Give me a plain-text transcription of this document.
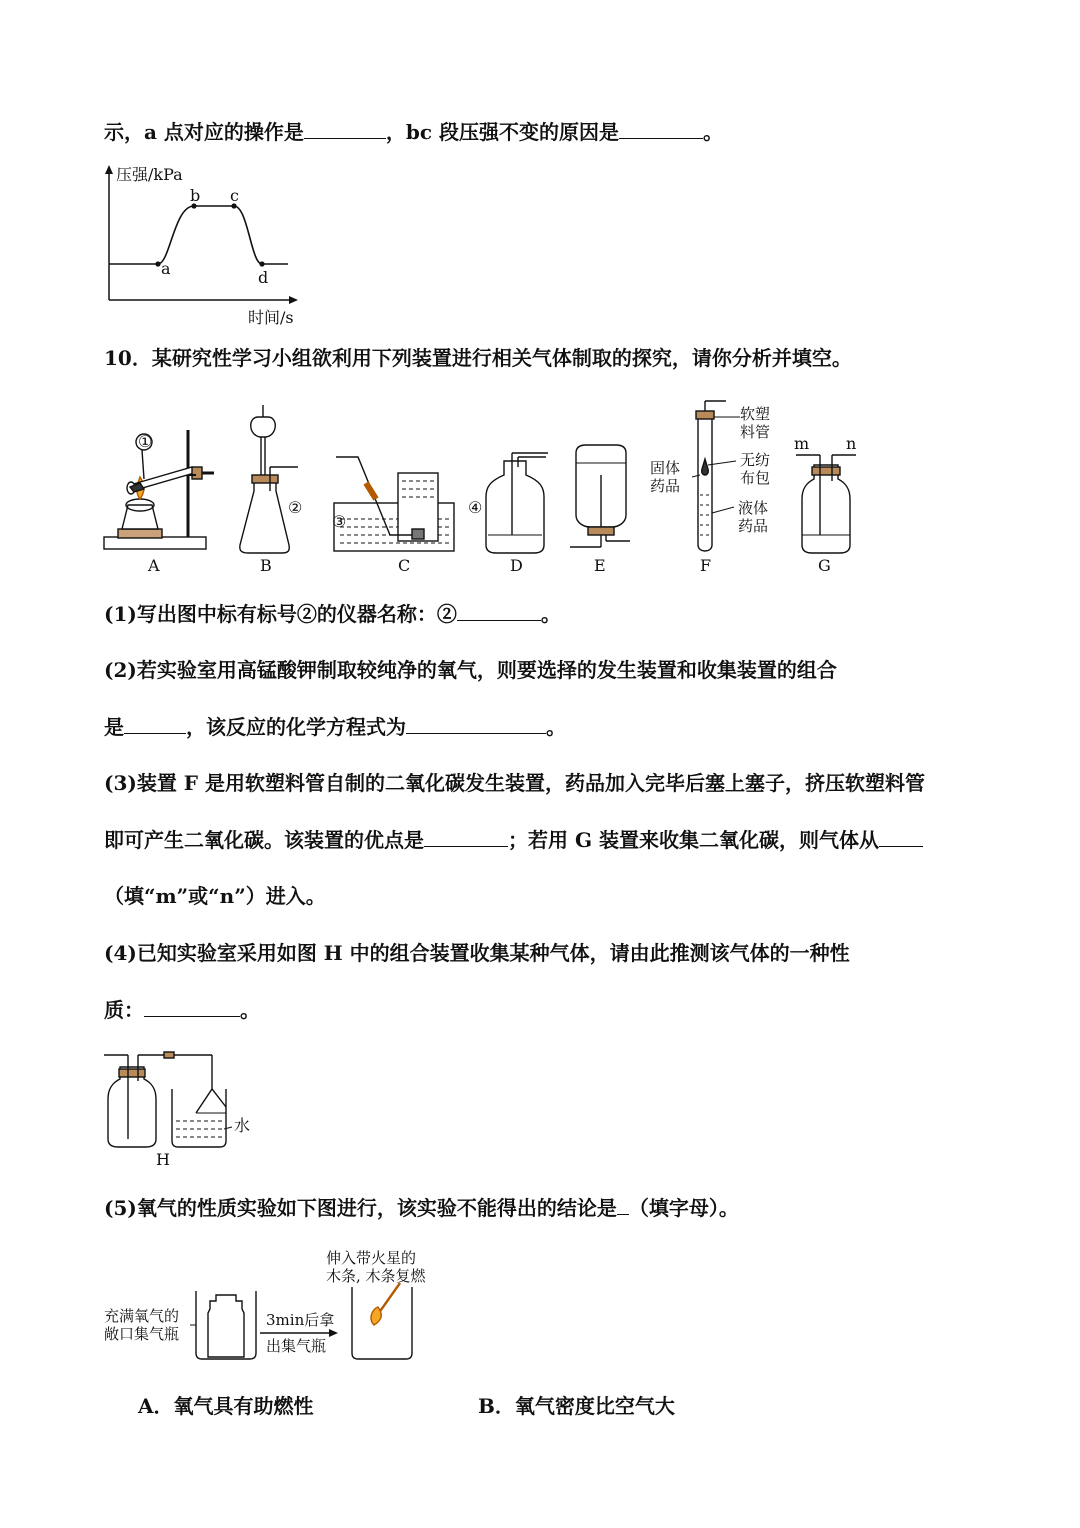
示，a 点对应的操作是	，bc 段压强不变的原因是	。
压强/kPa
时间/s
a
b c
d
10．某研究性学习小组欲利用下列装置进行相关气体制取的探究，请你分析并填空。
①
A
②
B
③
C
④
D	E
软塑
料管
无纺
布包
固体
药品
液体
药品
F
m n
G
(1)写出图中标有标号②的仪器名称：②	。
(2)若实验室用高锰酸钾制取较纯净的氧气，则要选择的发生装置和收集装置的组合
是	，该反应的化学方程式为	。
(3)装置 F 是用软塑料管自制的二氧化碳发生装置，药品加入完毕后塞上塞子，挤压软塑料管
即可产生二氧化碳。该装置的优点是	；若用 G 装置来收集二氧化碳，则气体从
（填“m”或“n”）进入。
(4)已知实验室采用如图 H 中的组合装置收集某种气体，请由此推测该气体的一种性
质：	。
水
H
(5)氧气的性质实验如下图进行，该实验不能得出的结论是 （填字母）。
充满氧气的
敞口集气瓶
3min后拿
出集气瓶
伸入带火星的
木条, 木条复燃
A．氧气具有助燃性	B．氧气密度比空气大
